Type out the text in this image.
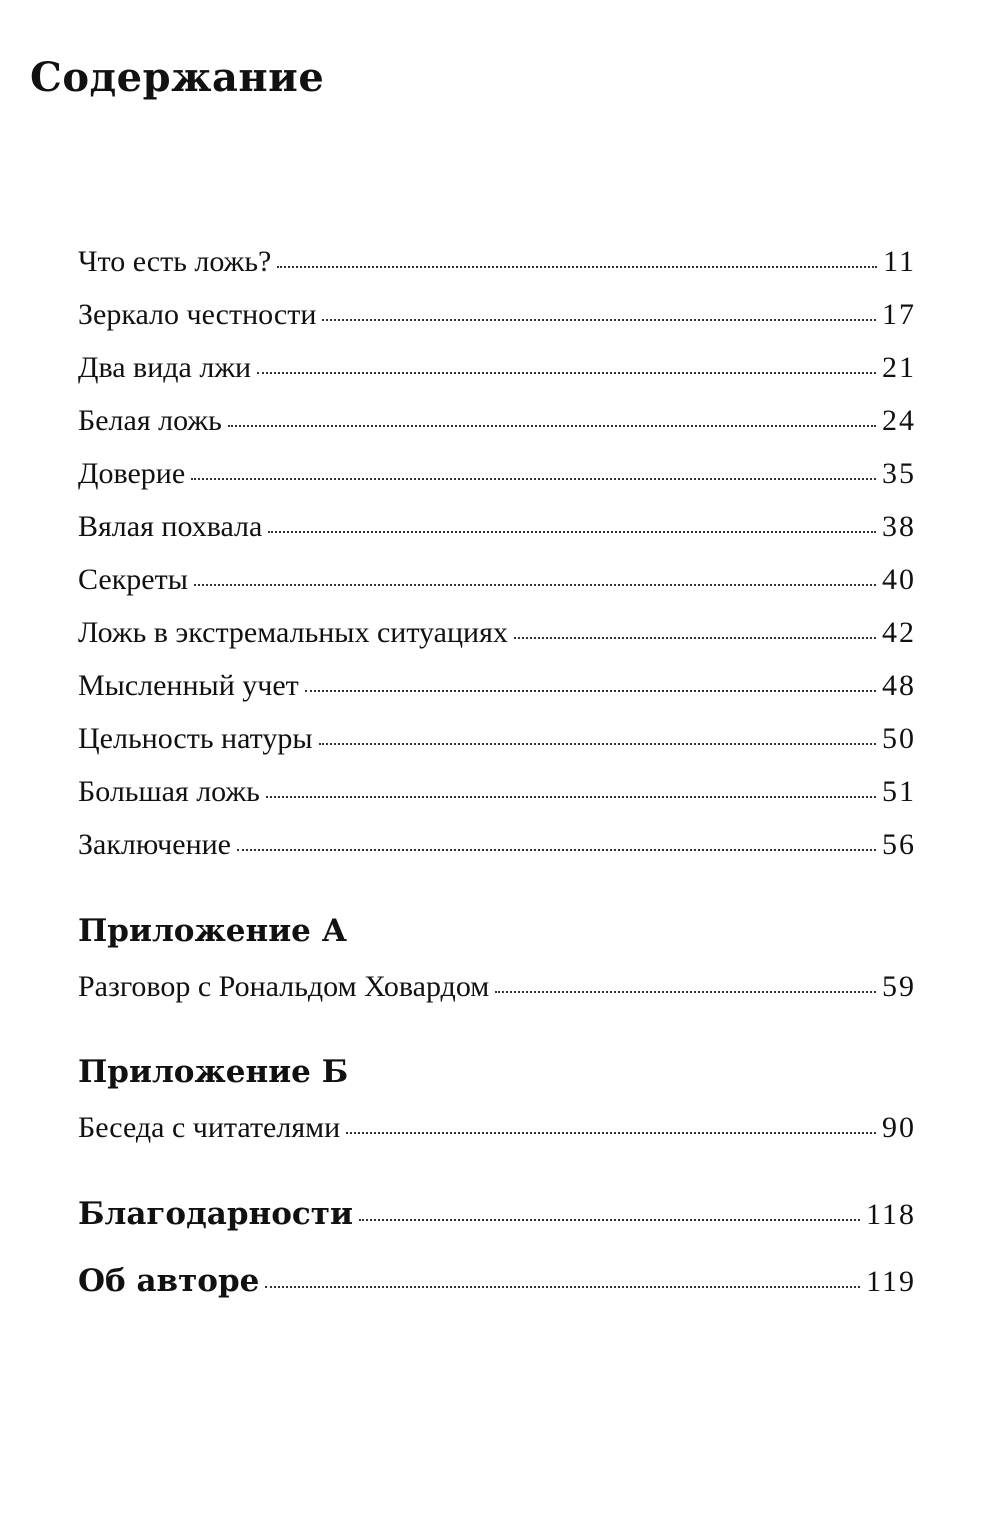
Содержание
Что есть ложь?	11
Зеркало честности	17
Два вида лжи	21
Белая ложь	24
Доверие	35
Вялая похвала	38
Секреты	40
Ложь в экстремальных ситуациях	42
Мысленный учет	48
Цельность натуры	50
Большая ложь	51
Заключение	56
Приложение А
Разговор с Рональдом Ховардом	59
Приложение Б
Беседа с читателями	90
Благодарности	118
Об авторе	119
